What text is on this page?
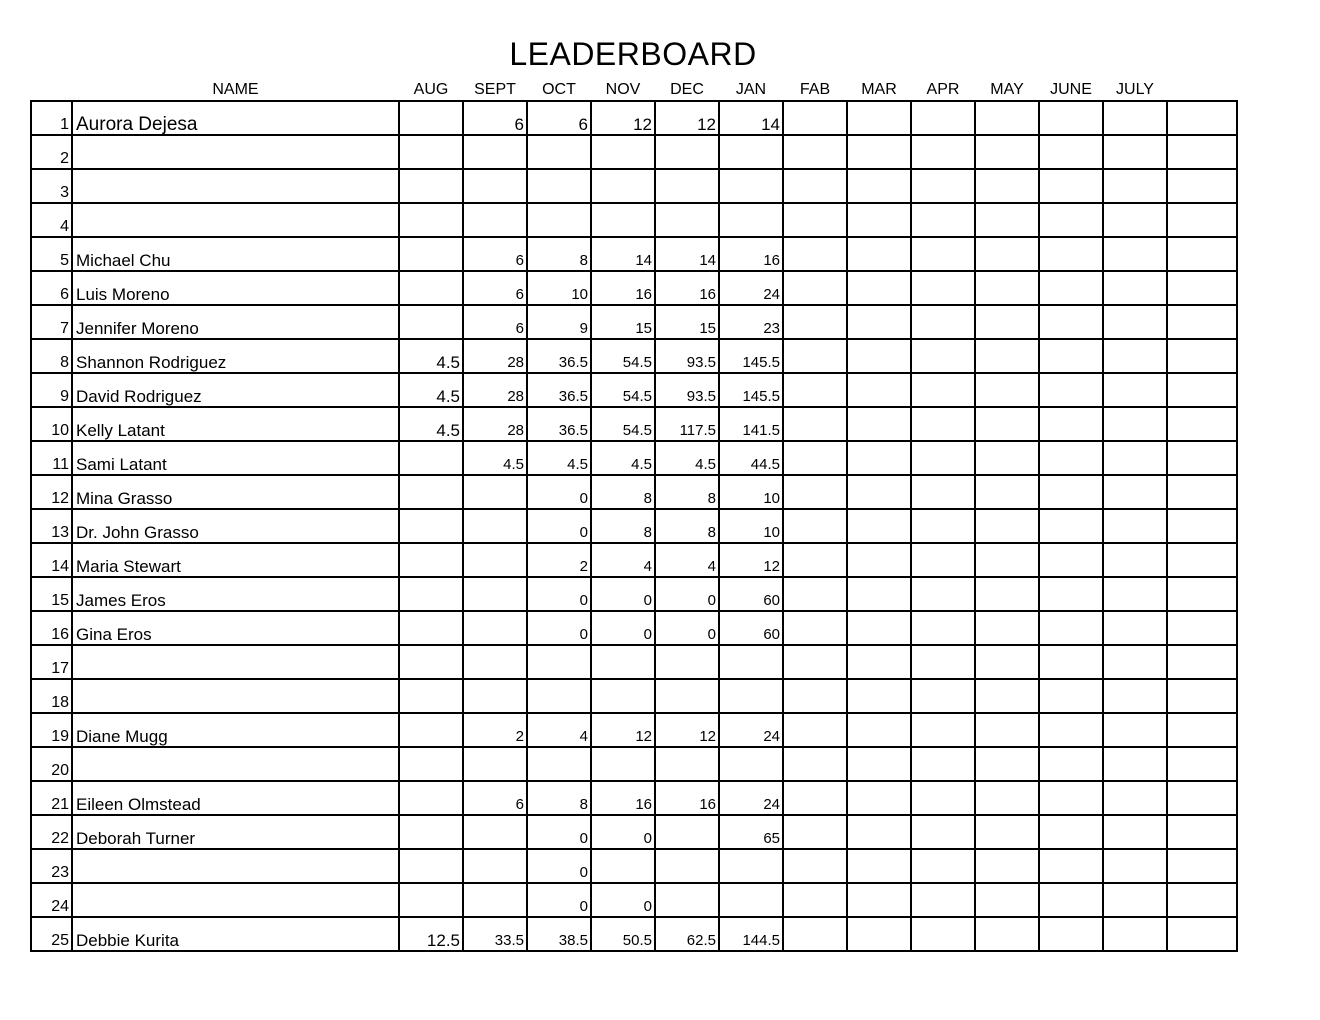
LEADERBOARD
	NAME	AUG	SEPT	OCT	NOV	DEC	JAN	FAB	MAR	APR	MAY	JUNE	JULY	
1	Aurora Dejesa		6	6	12	12	14							
2														
3														
4														
5	Michael Chu		6	8	14	14	16							
6	Luis Moreno		6	10	16	16	24							
7	Jennifer Moreno		6	9	15	15	23							
8	Shannon Rodriguez	4.5	28	36.5	54.5	93.5	145.5							
9	David Rodriguez	4.5	28	36.5	54.5	93.5	145.5							
10	Kelly Latant	4.5	28	36.5	54.5	117.5	141.5							
11	Sami Latant		4.5	4.5	4.5	4.5	44.5							
12	Mina Grasso			0	8	8	10							
13	Dr. John Grasso			0	8	8	10							
14	Maria Stewart			2	4	4	12							
15	James Eros			0	0	0	60							
16	Gina Eros			0	0	0	60							
17														
18														
19	Diane Mugg		2	4	12	12	24							
20														
21	Eileen Olmstead		6	8	16	16	24							
22	Deborah Turner			0	0		65							
23				0										
24				0	0									
25	Debbie Kurita	12.5	33.5	38.5	50.5	62.5	144.5							
